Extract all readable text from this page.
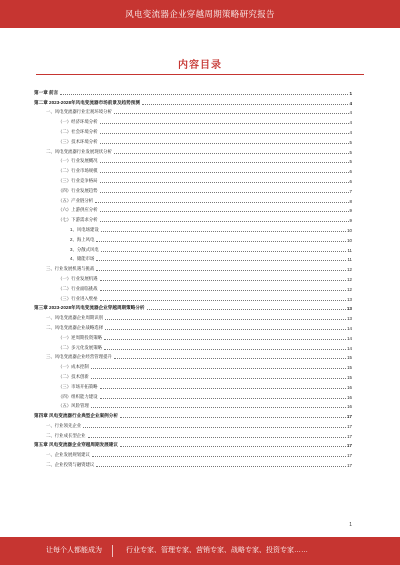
风电变流器企业穿越周期策略研究报告
内容目录
第一章 前言	1
第二章 2023-2028年风电变流器市场前景及趋势预测	4
一、风电变流器行业宏观环境分析	4
（一）经济环境分析	4
（二）社会环境分析	4
（三）技术环境分析	5
二、风电变流器行业发展现状分析	5
（一）行业发展概况	5
（二）行业市场规模	6
（三）行业竞争格局	6
（四）行业发展趋势	7
（五）产业链分析	8
（六）上游供应分析	9
（七）下游需求分析	9
1、风电场建设	10
2、海上风电	10
3、分散式风电	11
4、储能市场	11
三、行业发展机遇与挑战	12
（一）行业发展机遇	12
（二）行业面临挑战	12
（三）行业进入壁垒	13
第三章 2023-2028年风电变流器企业穿越周期策略分析	13
一、风电变流器企业周期识别	13
二、风电变流器企业战略选择	14
（一）逆周期投资策略	14
（二）多元化发展策略	14
三、风电变流器企业经营管理提升	15
（一）成本控制	15
（二）技术创新	15
（三）市场开拓策略	16
（四）组织能力建设	16
（五）风险管理	16
第四章 风电变流器行业典型企业案例分析	17
一、行业领先企业	17
二、行业成长型企业	17
第五章 风电变流器企业穿越周期发展建议	17
一、企业发展规划建议	17
二、企业投资与融资建议	17
1
让每个人都能成为	行业专家、管理专家、营销专家、战略专家、投资专家……
